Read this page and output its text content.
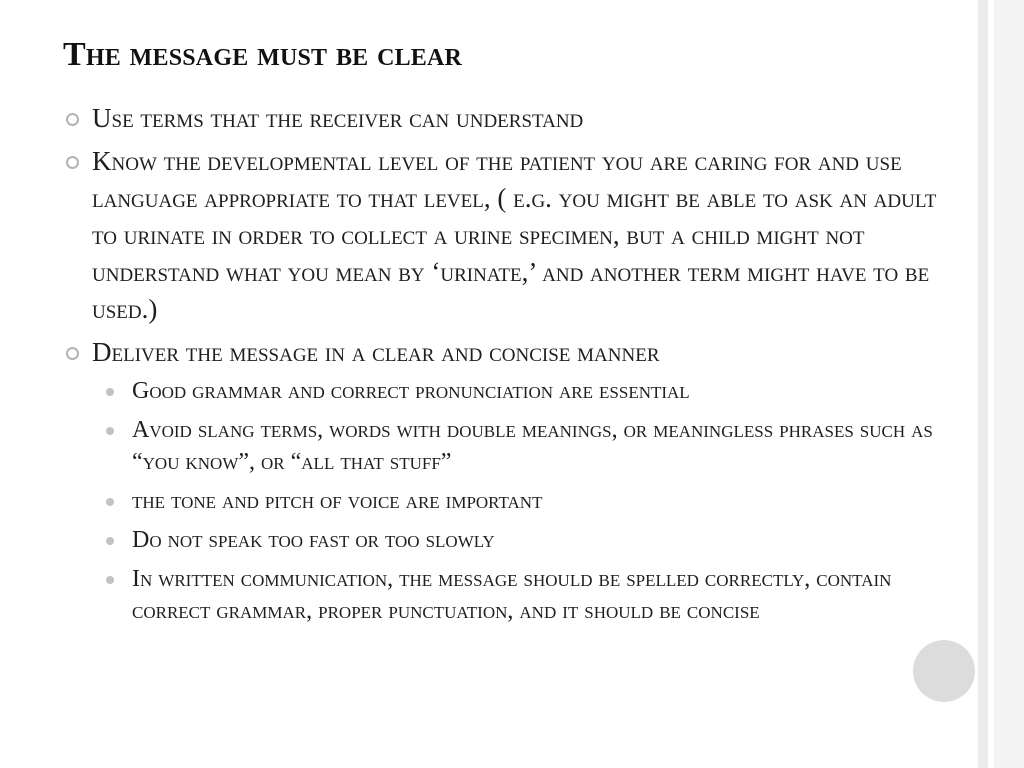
The message must be clear
Use terms that the receiver can understand
Know the developmental level of the patient you are caring for and use language appropriate to that level, ( e.g. you might be able to ask an adult to urinate in order to collect a urine specimen, but a child might not understand what you mean by ‘urinate,’ and another term might have to be used.)
Deliver the message in a clear and concise manner
Good grammar and correct pronunciation are essential
Avoid slang terms, words with double meanings, or meaningless phrases such as “you know”, or “all that stuff”
the tone and pitch of voice are important
Do not speak too fast or too slowly
In written communication, the message should be spelled correctly, contain correct grammar, proper punctuation, and it should be concise
